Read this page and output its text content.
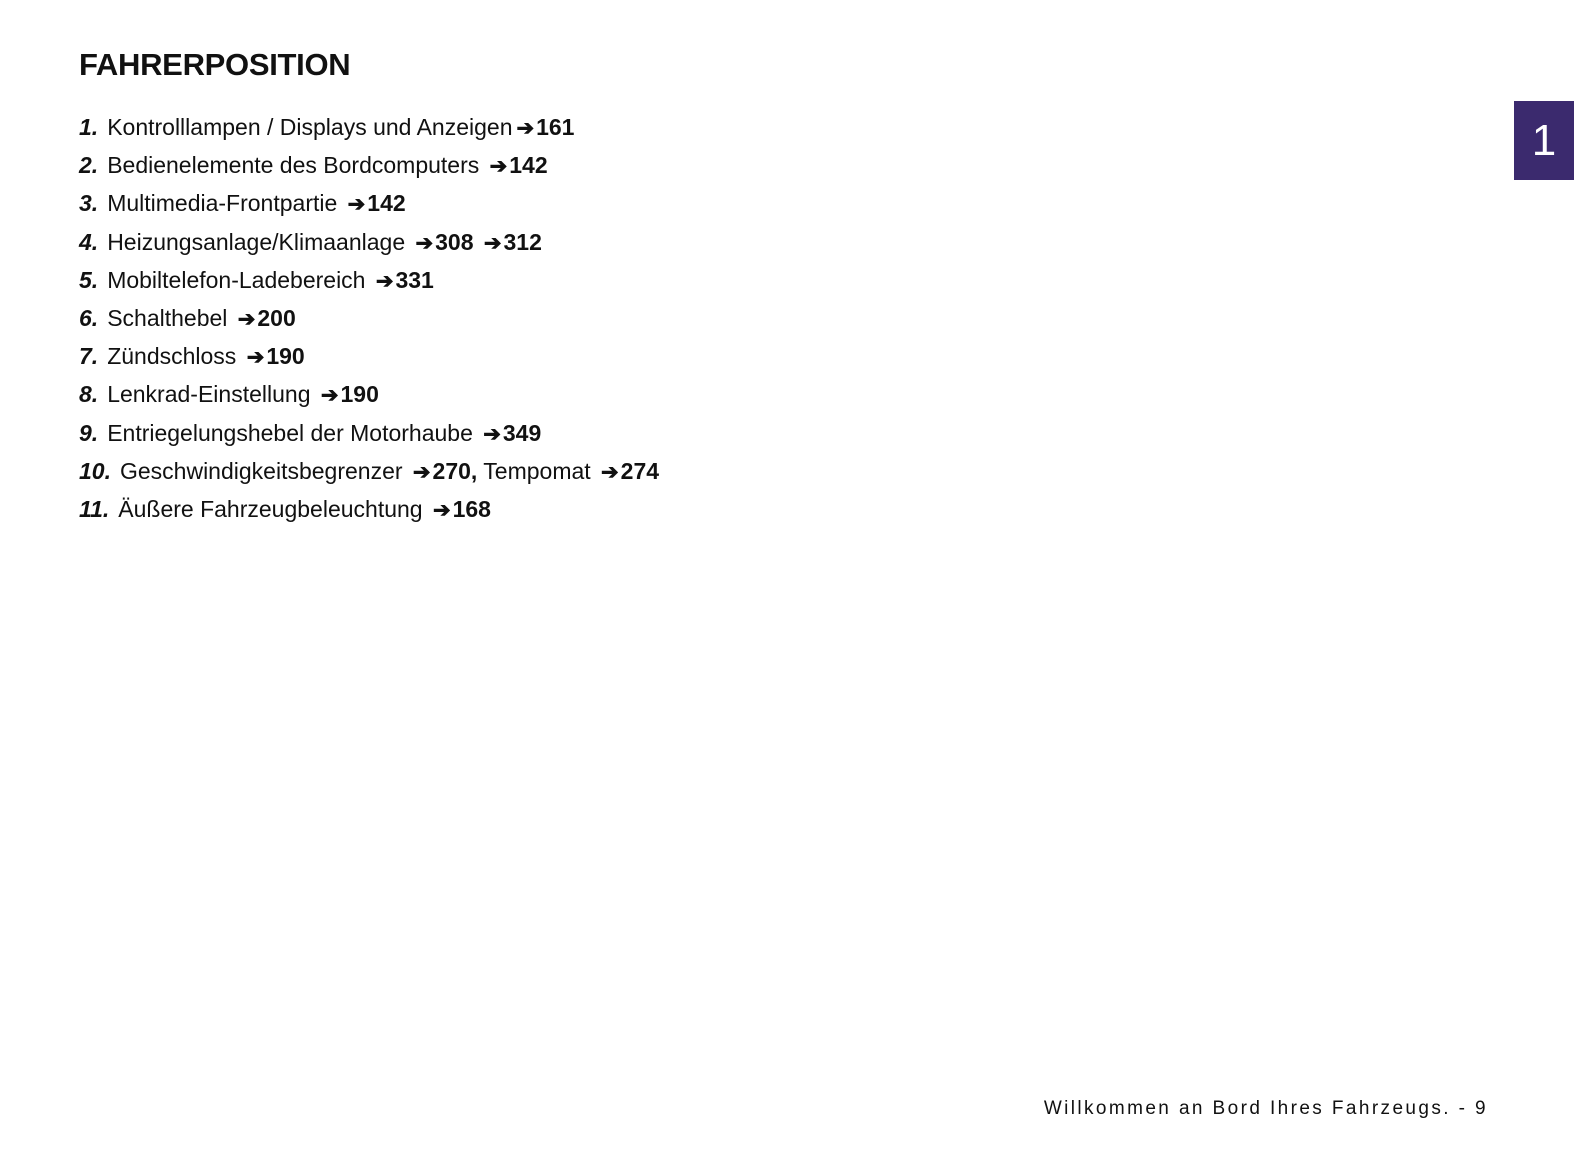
FAHRERPOSITION
1
1. Kontrolllampen / Displays und Anzeigen ➔161
2. Bedienelemente des Bordcomputers ➔142
3. Multimedia-Frontpartie ➔142
4. Heizungsanlage/Klimaanlage ➔308 ➔312
5. Mobiltelefon-Ladebereich ➔331
6. Schalthebel ➔200
7. Zündschloss ➔190
8. Lenkrad-Einstellung ➔190
9. Entriegelungshebel der Motorhaube ➔349
10. Geschwindigkeitsbegrenzer ➔270, Tempomat ➔274
11. Äußere Fahrzeugbeleuchtung ➔168
Willkommen an Bord Ihres Fahrzeugs. - 9
